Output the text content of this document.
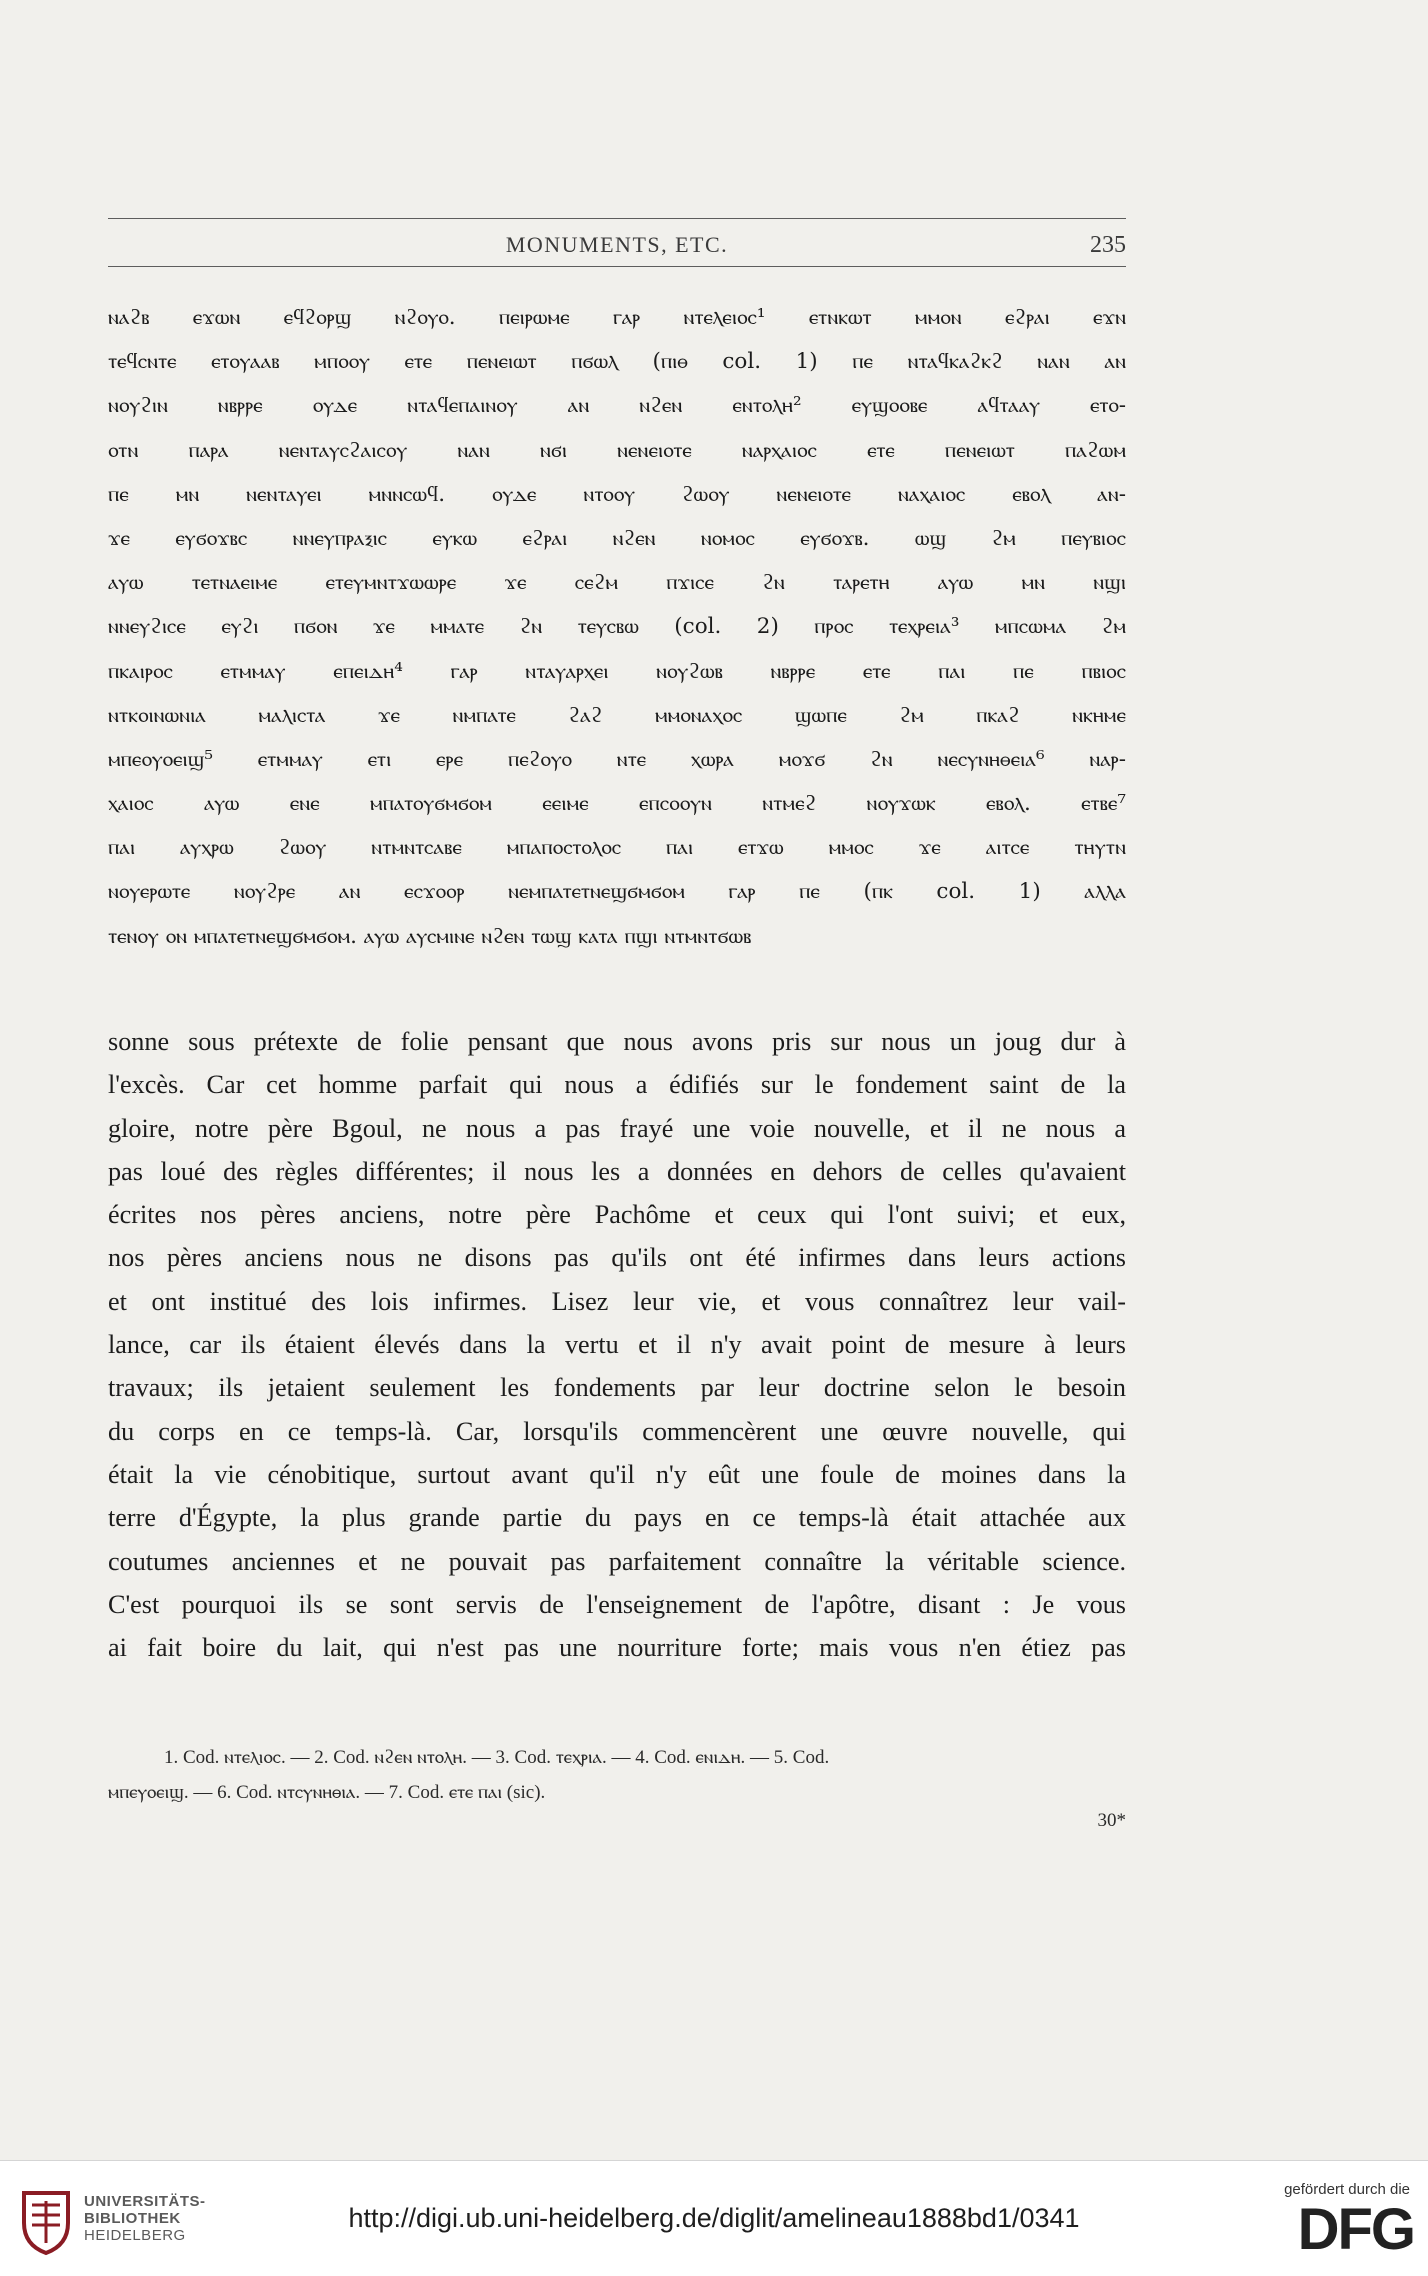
MONUMENTS, ETC.	235
ⲛⲁϩⲃ ⲉϫⲱⲛ ⲉϥϩⲟⲣϣ ⲛϩⲟⲩⲟ. ⲡⲉⲓⲣⲱⲙⲉ ⲅⲁⲣ ⲛⲧⲉⲗⲉⲓⲟⲥ¹ ⲉⲧⲛⲕⲱⲧ ⲙⲙⲟⲛ ⲉϩⲣⲁⲓ ⲉϫⲛ
ⲧⲉϥⲥⲛⲧⲉ ⲉⲧⲟⲩⲁⲁⲃ ⲙⲡⲟⲟⲩ ⲉⲧⲉ ⲡⲉⲛⲉⲓⲱⲧ ⲡϭⲱⲗ (ⲡⲓⲑ col. 1) ⲡⲉ ⲛⲧⲁϥⲕⲁϩⲕϩ ⲛⲁⲛ ⲁⲛ
ⲛⲟⲩϩⲓⲛ ⲛⲃⲣⲣⲉ ⲟⲩⲇⲉ ⲛⲧⲁϥⲉⲡⲁⲓⲛⲟⲩ ⲁⲛ ⲛϩⲉⲛ ⲉⲛⲧⲟⲗⲏ² ⲉⲩϣⲟⲟⲃⲉ ⲁϥⲧⲁⲁⲩ ⲉⲧⲟ-
ⲟⲧⲛ ⲡⲁⲣⲁ ⲛⲉⲛⲧⲁⲩⲥϩⲁⲓⲥⲟⲩ ⲛⲁⲛ ⲛϭⲓ ⲛⲉⲛⲉⲓⲟⲧⲉ ⲛⲁⲣⲭⲁⲓⲟⲥ ⲉⲧⲉ ⲡⲉⲛⲉⲓⲱⲧ ⲡⲁϩⲱⲙ
ⲡⲉ ⲙⲛ ⲛⲉⲛⲧⲁⲩⲉⲓ ⲙⲛⲛⲥⲱϥ. ⲟⲩⲇⲉ ⲛⲧⲟⲟⲩ ϩⲱⲟⲩ ⲛⲉⲛⲉⲓⲟⲧⲉ ⲛⲁⲭⲁⲓⲟⲥ ⲉⲃⲟⲗ ⲁⲛ-
ϫⲉ ⲉⲩϭⲟϫⲃⲥ ⲛⲛⲉⲩⲡⲣⲁⲝⲓⲥ ⲉⲩⲕⲱ ⲉϩⲣⲁⲓ ⲛϩⲉⲛ ⲛⲟⲙⲟⲥ ⲉⲩϭⲟϫⲃ. ⲱϣ ϩⲙ ⲡⲉⲩⲃⲓⲟⲥ
ⲁⲩⲱ ⲧⲉⲧⲛⲁⲉⲓⲙⲉ ⲉⲧⲉⲩⲙⲛⲧϫⲱⲱⲣⲉ ϫⲉ ⲥⲉϩⲙ ⲡϫⲓⲥⲉ ϩⲛ ⲧⲁⲣⲉⲧⲏ ⲁⲩⲱ ⲙⲛ ⲛϣⲓ
ⲛⲛⲉⲩϩⲓⲥⲉ ⲉⲩϩⲓ ⲡϭⲟⲛ ϫⲉ ⲙⲙⲁⲧⲉ ϩⲛ ⲧⲉⲩⲥⲃⲱ (col. 2) ⲡⲣⲟⲥ ⲧⲉⲭⲣⲉⲓⲁ³ ⲙⲡⲥⲱⲙⲁ ϩⲙ
ⲡⲕⲁⲓⲣⲟⲥ ⲉⲧⲙⲙⲁⲩ ⲉⲡⲉⲓⲇⲏ⁴ ⲅⲁⲣ ⲛⲧⲁⲩⲁⲣⲭⲉⲓ ⲛⲟⲩϩⲱⲃ ⲛⲃⲣⲣⲉ ⲉⲧⲉ ⲡⲁⲓ ⲡⲉ ⲡⲃⲓⲟⲥ
ⲛⲧⲕⲟⲓⲛⲱⲛⲓⲁ ⲙⲁⲗⲓⲥⲧⲁ ϫⲉ ⲛⲙⲡⲁⲧⲉ ϩⲁϩ ⲙⲙⲟⲛⲁⲭⲟⲥ ϣⲱⲡⲉ ϩⲙ ⲡⲕⲁϩ ⲛⲕⲏⲙⲉ
ⲙⲡⲉⲟⲩⲟⲉⲓϣ⁵ ⲉⲧⲙⲙⲁⲩ ⲉⲧⲓ ⲉⲣⲉ ⲡⲉϩⲟⲩⲟ ⲛⲧⲉ ⲭⲱⲣⲁ ⲙⲟϫϭ ϩⲛ ⲛⲉⲥⲩⲛⲏⲑⲉⲓⲁ⁶ ⲛⲁⲣ-
ⲭⲁⲓⲟⲥ ⲁⲩⲱ ⲉⲛⲉ ⲙⲡⲁⲧⲟⲩϭⲙϭⲟⲙ ⲉⲉⲓⲙⲉ ⲉⲡⲥⲟⲟⲩⲛ ⲛⲧⲙⲉϩ ⲛⲟⲩϫⲱⲕ ⲉⲃⲟⲗ. ⲉⲧⲃⲉ⁷
ⲡⲁⲓ ⲁⲩⲭⲣⲱ ϩⲱⲟⲩ ⲛⲧⲙⲛⲧⲥⲁⲃⲉ ⲙⲡⲁⲡⲟⲥⲧⲟⲗⲟⲥ ⲡⲁⲓ ⲉⲧϫⲱ ⲙⲙⲟⲥ ϫⲉ ⲁⲓⲧⲥⲉ ⲧⲏⲩⲧⲛ
ⲛⲟⲩⲉⲣⲱⲧⲉ ⲛⲟⲩϩⲣⲉ ⲁⲛ ⲉⲥϫⲟⲟⲣ ⲛⲉⲙⲡⲁⲧⲉⲧⲛⲉϣϭⲙϭⲟⲙ ⲅⲁⲣ ⲡⲉ (ⲡⲕ col. 1) ⲁⲗⲗⲁ
ⲧⲉⲛⲟⲩ ⲟⲛ ⲙⲡⲁⲧⲉⲧⲛⲉϣϭⲙϭⲟⲙ. ⲁⲩⲱ ⲁⲩⲥⲙⲓⲛⲉ ⲛϩⲉⲛ ⲧⲱϣ ⲕⲁⲧⲁ ⲡϣⲓ ⲛⲧⲙⲛⲧϭⲱⲃ
sonne sous prétexte de folie pensant que nous avons pris sur nous un joug dur à
l'excès. Car cet homme parfait qui nous a édifiés sur le fondement saint de la
gloire, notre père Bgoul, ne nous a pas frayé une voie nouvelle, et il ne nous a
pas loué des règles différentes; il nous les a données en dehors de celles qu'avaient
écrites nos pères anciens, notre père Pachôme et ceux qui l'ont suivi; et eux,
nos pères anciens nous ne disons pas qu'ils ont été infirmes dans leurs actions
et ont institué des lois infirmes. Lisez leur vie, et vous connaîtrez leur vail-
lance, car ils étaient élevés dans la vertu et il n'y avait point de mesure à leurs
travaux; ils jetaient seulement les fondements par leur doctrine selon le besoin
du corps en ce temps-là. Car, lorsqu'ils commencèrent une œuvre nouvelle, qui
était la vie cénobitique, surtout avant qu'il n'y eût une foule de moines dans la
terre d'Égypte, la plus grande partie du pays en ce temps-là était attachée aux
coutumes anciennes et ne pouvait pas parfaitement connaître la véritable science.
C'est pourquoi ils se sont servis de l'enseignement de l'apôtre, disant : Je vous
ai fait boire du lait, qui n'est pas une nourriture forte; mais vous n'en étiez pas
1. Cod. ⲛⲧⲉⲗⲓⲟⲥ. — 2. Cod. ⲛϩⲉⲛ ⲛⲧⲟⲗⲏ. — 3. Cod. ⲧⲉⲭⲣⲓⲁ. — 4. Cod. ⲉⲛⲓⲇⲏ. — 5. Cod.
ⲙⲡⲉⲩⲟⲉⲓϣ. — 6. Cod. ⲛⲧⲥⲩⲛⲏⲑⲓⲁ. — 7. Cod. ⲉⲧⲉ ⲡⲁⲓ (sic).
30*
UNIVERSITÄTS-
BIBLIOTHEK
HEIDELBERG
http://digi.ub.uni-heidelberg.de/diglit/amelineau1888bd1/0341
gefördert durch die
DFG
